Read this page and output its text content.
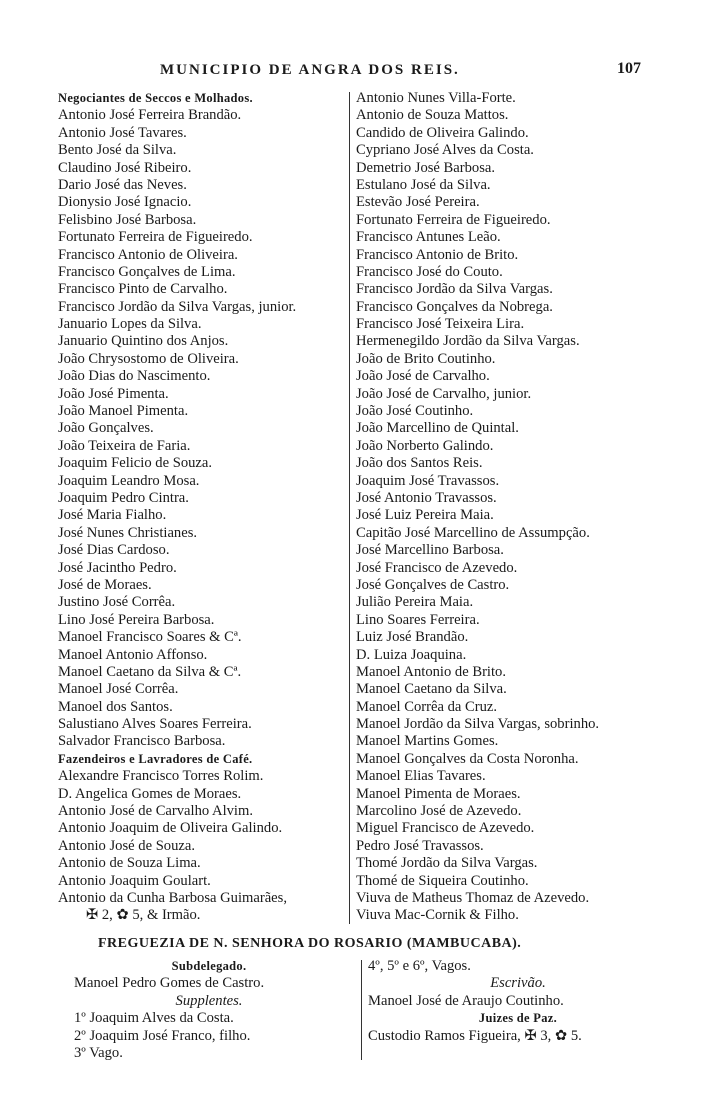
MUNICIPIO DE ANGRA DOS REIS.	107
Negociantes de Seccos e Molhados.
Antonio José Ferreira Brandão.
Antonio José Tavares.
Bento José da Silva.
Claudino José Ribeiro.
Dario José das Neves.
Dionysio José Ignacio.
Felisbino José Barbosa.
Fortunato Ferreira de Figueiredo.
Francisco Antonio de Oliveira.
Francisco Gonçalves de Lima.
Francisco Pinto de Carvalho.
Francisco Jordão da Silva Vargas, junior.
Januario Lopes da Silva.
Januario Quintino dos Anjos.
João Chrysostomo de Oliveira.
João Dias do Nascimento.
João José Pimenta.
João Manoel Pimenta.
João Gonçalves.
João Teixeira de Faria.
Joaquim Felicio de Souza.
Joaquim Leandro Mosa.
Joaquim Pedro Cintra.
José Maria Fialho.
José Nunes Christianes.
José Dias Cardoso.
José Jacintho Pedro.
José de Moraes.
Justino José Corrêa.
Lino José Pereira Barbosa.
Manoel Francisco Soares & Cª.
Manoel Antonio Affonso.
Manoel Caetano da Silva & Cª.
Manoel José Corrêa.
Manoel dos Santos.
Salustiano Alves Soares Ferreira.
Salvador Francisco Barbosa.
Fazendeiros e Lavradores de Café.
Alexandre Francisco Torres Rolim.
D. Angelica Gomes de Moraes.
Antonio José de Carvalho Alvim.
Antonio Joaquim de Oliveira Galindo.
Antonio José de Souza.
Antonio de Souza Lima.
Antonio Joaquim Goulart.
Antonio da Cunha Barbosa Guimarães,
✠ 2, ✿ 5, & Irmão.
Antonio Nunes Villa-Forte.
Antonio de Souza Mattos.
Candido de Oliveira Galindo.
Cypriano José Alves da Costa.
Demetrio José Barbosa.
Estulano José da Silva.
Estevão José Pereira.
Fortunato Ferreira de Figueiredo.
Francisco Antunes Leão.
Francisco Antonio de Brito.
Francisco José do Couto.
Francisco Jordão da Silva Vargas.
Francisco Gonçalves da Nobrega.
Francisco José Teixeira Lira.
Hermenegildo Jordão da Silva Vargas.
João de Brito Coutinho.
João José de Carvalho.
João José de Carvalho, junior.
João José Coutinho.
João Marcellino de Quintal.
João Norberto Galindo.
João dos Santos Reis.
Joaquim José Travassos.
José Antonio Travassos.
José Luiz Pereira Maia.
Capitão José Marcellino de Assumpção.
José Marcellino Barbosa.
José Francisco de Azevedo.
José Gonçalves de Castro.
Julião Pereira Maia.
Lino Soares Ferreira.
Luiz José Brandão.
D. Luiza Joaquina.
Manoel Antonio de Brito.
Manoel Caetano da Silva.
Manoel Corrêa da Cruz.
Manoel Jordão da Silva Vargas, sobrinho.
Manoel Martins Gomes.
Manoel Gonçalves da Costa Noronha.
Manoel Elias Tavares.
Manoel Pimenta de Moraes.
Marcolino José de Azevedo.
Miguel Francisco de Azevedo.
Pedro José Travassos.
Thomé Jordão da Silva Vargas.
Thomé de Siqueira Coutinho.
Viuva de Matheus Thomaz de Azevedo.
Viuva Mac-Cornik & Filho.
FREGUEZIA DE N. SENHORA DO ROSARIO (MAMBUCABA).
Subdelegado.
Manoel Pedro Gomes de Castro.
Supplentes.
1º Joaquim Alves da Costa.
2º Joaquim José Franco, filho.
3º Vago.
4º, 5º e 6º, Vagos.
Escrivão.
Manoel José de Araujo Coutinho.
Juizes de Paz.
Custodio Ramos Figueira, ✠ 3, ✿ 5.
